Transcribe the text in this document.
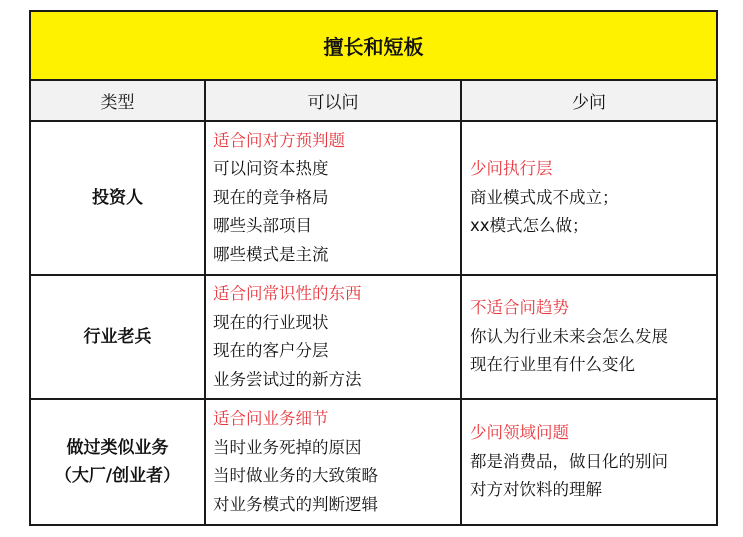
擅长和短板
类型	可以问	少问
投资人
适合问对方预判题
可以问资本热度
现在的竞争格局
哪些头部项目
哪些模式是主流
少问执行层
商业模式成不成立；
xx模式怎么做；
行业老兵
适合问常识性的东西
现在的行业现状
现在的客户分层
业务尝试过的新方法
不适合问趋势
你认为行业未来会怎么发展
现在行业里有什么变化
做过类似业务
（大厂/创业者）
适合问业务细节
当时业务死掉的原因
当时做业务的大致策略
对业务模式的判断逻辑
少问领域问题
都是消费品，做日化的别问
对方对饮料的理解
